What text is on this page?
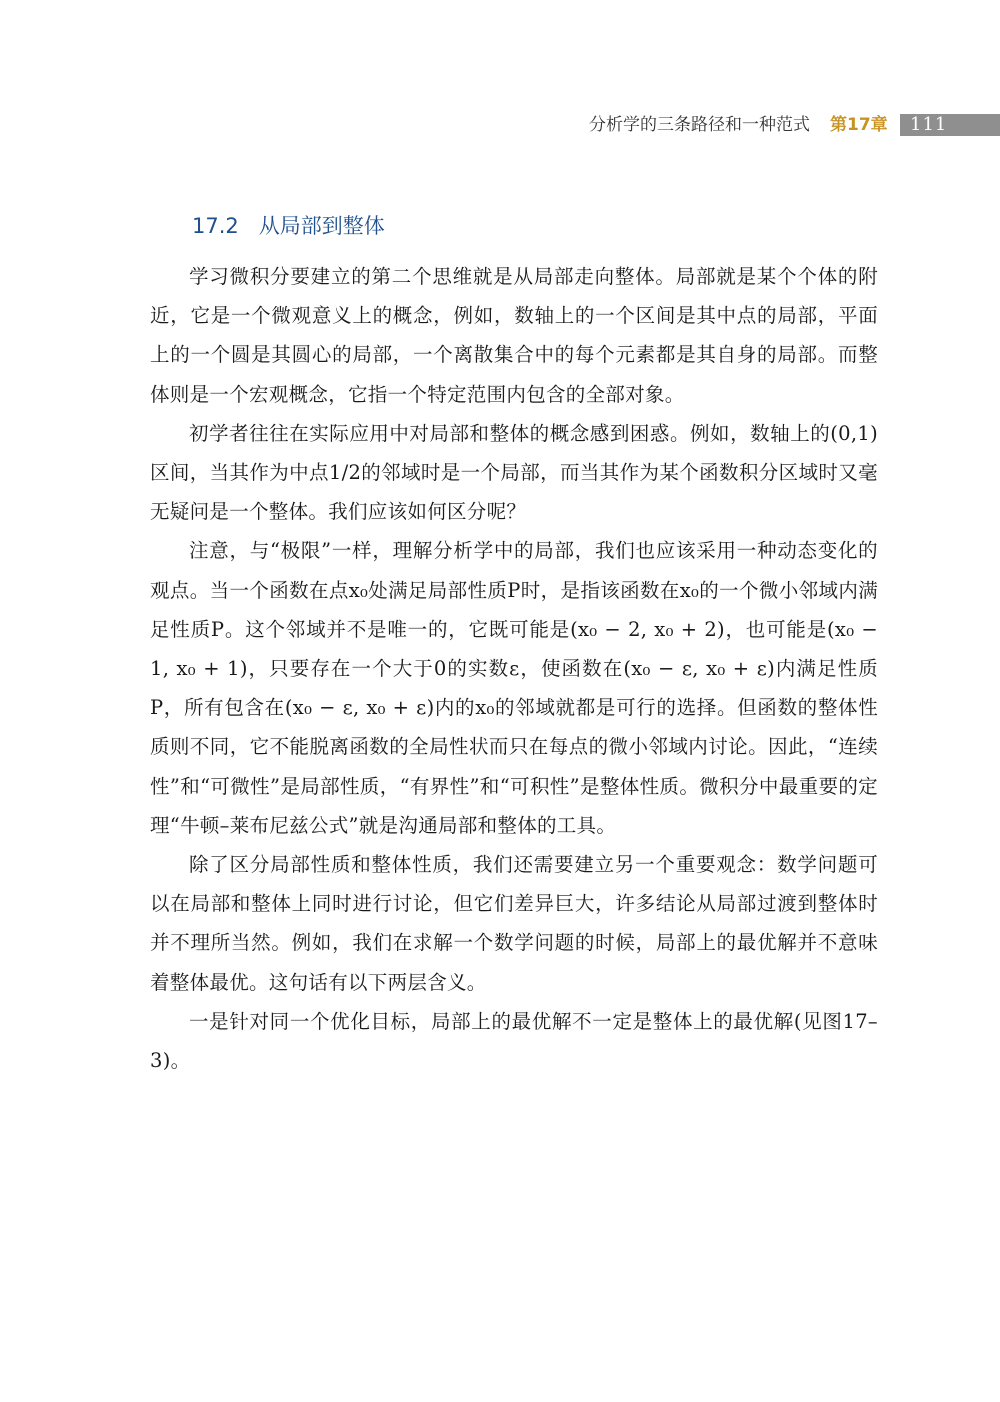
分析学的三条路径和一种范式 第17章 111
17.2   从局部到整体

学习微积分要建立的第二个思维就是从局部走向整体。局部就是某个个体的附近，它是一个微观意义上的概念，例如，数轴上的一个区间是其中点的局部，平面上的一个圆是其圆心的局部，一个离散集合中的每个元素都是其自身的局部。而整体则是一个宏观概念，它指一个特定范围内包含的全部对象。

初学者往往在实际应用中对局部和整体的概念感到困惑。例如，数轴上的(0,1)区间，当其作为中点1/2的邻域时是一个局部，而当其作为某个函数积分区域时又毫无疑问是一个整体。我们应该如何区分呢？

注意，与“极限”一样，理解分析学中的局部，我们也应该采用一种动态变化的观点。当一个函数在点x₀处满足局部性质P时，是指该函数在x₀的一个微小邻域内满足性质P。这个邻域并不是唯一的，它既可能是(x₀ − 2, x₀ + 2)，也可能是(x₀ − 1, x₀ + 1)，只要存在一个大于0的实数ε，使函数在(x₀ − ε, x₀ + ε)内满足性质P，所有包含在(x₀ − ε, x₀ + ε)内的x₀的邻域就都是可行的选择。但函数的整体性质则不同，它不能脱离函数的全局性状而只在每点的微小邻域内讨论。因此，“连续性”和“可微性”是局部性质，“有界性”和“可积性”是整体性质。微积分中最重要的定理“牛顿–莱布尼兹公式”就是沟通局部和整体的工具。

除了区分局部性质和整体性质，我们还需要建立另一个重要观念：数学问题可以在局部和整体上同时进行讨论，但它们差异巨大，许多结论从局部过渡到整体时并不理所当然。例如，我们在求解一个数学问题的时候，局部上的最优解并不意味着整体最优。这句话有以下两层含义。

一是针对同一个优化目标，局部上的最优解不一定是整体上的最优解(见图17–3)。
